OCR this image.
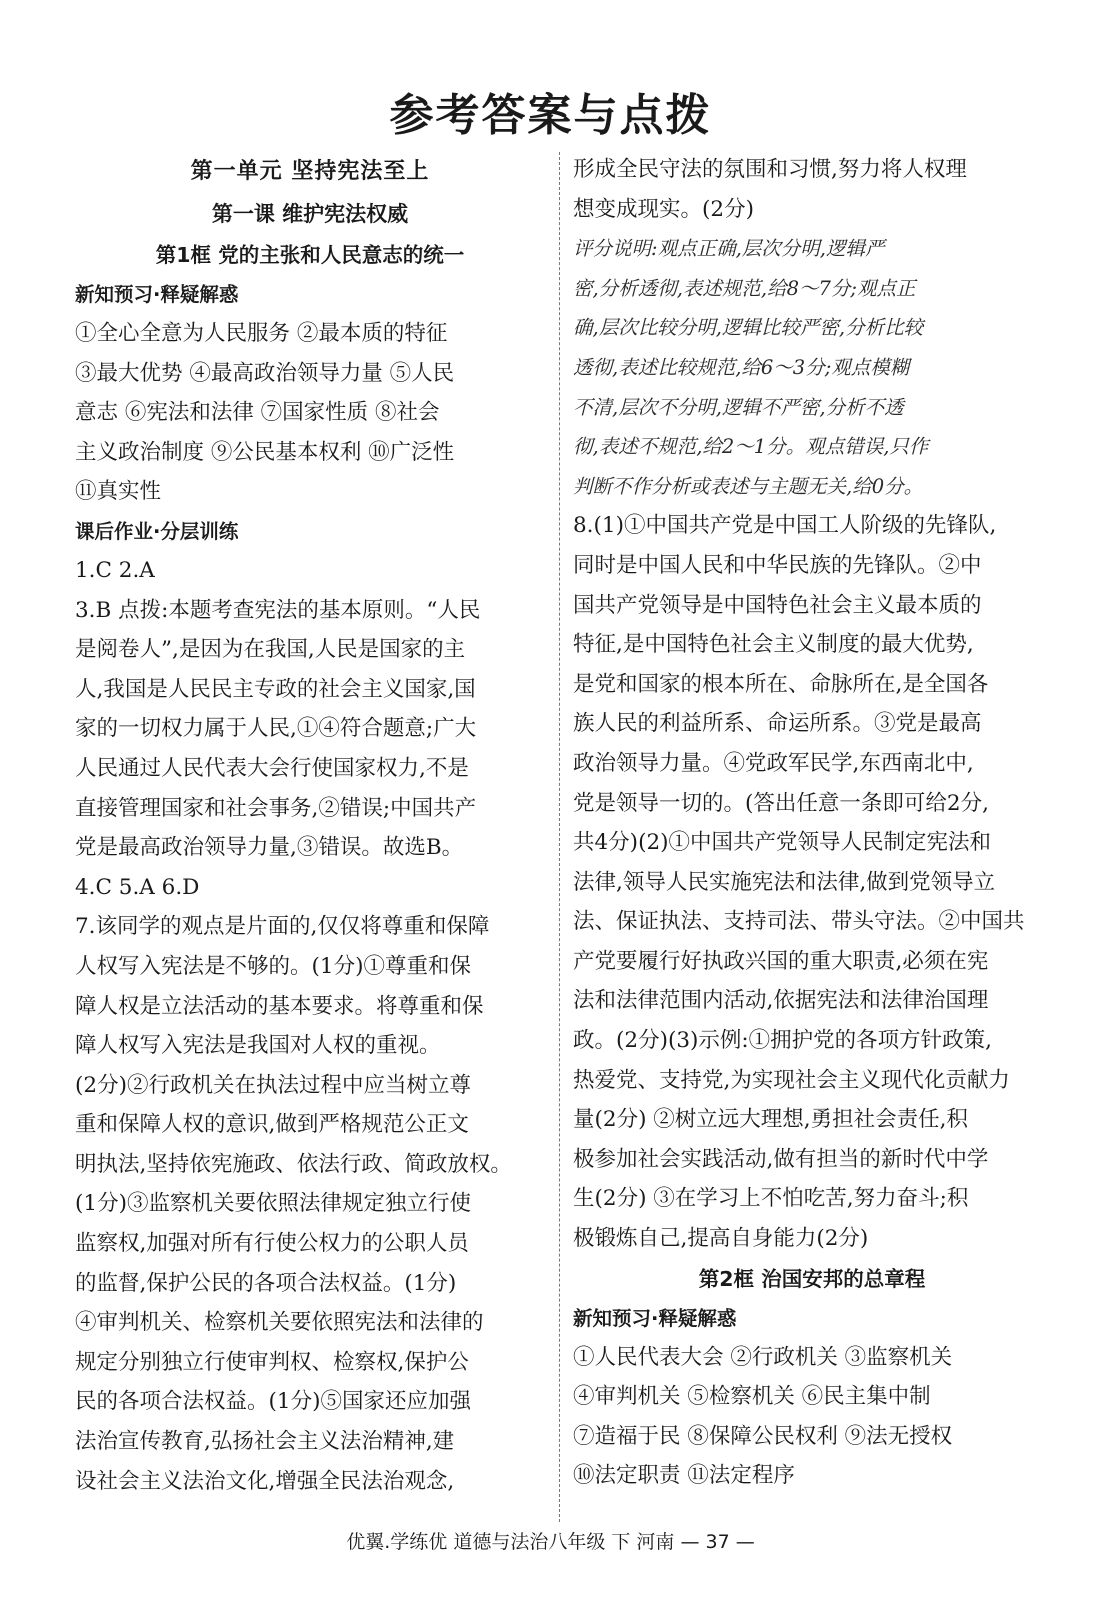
参考答案与点拨

第一单元 坚持宪法至上

第一课 维护宪法权威

第1框 党的主张和人民意志的统一

新知预习·释疑解惑

①全心全意为人民服务 ②最本质的特征

③最大优势 ④最高政治领导力量 ⑤人民

意志 ⑥宪法和法律 ⑦国家性质 ⑧社会

主义政治制度 ⑨公民基本权利 ⑩广泛性

⑪真实性

课后作业·分层训练

1.C 2.A

3.B 点拨:本题考查宪法的基本原则。“人民

是阅卷人”,是因为在我国,人民是国家的主

人,我国是人民民主专政的社会主义国家,国

家的一切权力属于人民,①④符合题意;广大

人民通过人民代表大会行使国家权力,不是

直接管理国家和社会事务,②错误;中国共产

党是最高政治领导力量,③错误。故选B。

4.C 5.A 6.D

7.该同学的观点是片面的,仅仅将尊重和保障

人权写入宪法是不够的。(1分)①尊重和保

障人权是立法活动的基本要求。将尊重和保

障人权写入宪法是我国对人权的重视。

(2分)②行政机关在执法过程中应当树立尊

重和保障人权的意识,做到严格规范公正文

明执法,坚持依宪施政、依法行政、简政放权。

(1分)③监察机关要依照法律规定独立行使

监察权,加强对所有行使公权力的公职人员

的监督,保护公民的各项合法权益。(1分)

④审判机关、检察机关要依照宪法和法律的

规定分别独立行使审判权、检察权,保护公

民的各项合法权益。(1分)⑤国家还应加强

法治宣传教育,弘扬社会主义法治精神,建

设社会主义法治文化,增强全民法治观念,

形成全民守法的氛围和习惯,努力将人权理

想变成现实。(2分)

评分说明:观点正确,层次分明,逻辑严

密,分析透彻,表述规范,给8～7分;观点正

确,层次比较分明,逻辑比较严密,分析比较

透彻,表述比较规范,给6～3分;观点模糊

不清,层次不分明,逻辑不严密,分析不透

彻,表述不规范,给2～1分。观点错误,只作

判断不作分析或表述与主题无关,给0分。

8.(1)①中国共产党是中国工人阶级的先锋队,

同时是中国人民和中华民族的先锋队。②中

国共产党领导是中国特色社会主义最本质的

特征,是中国特色社会主义制度的最大优势,

是党和国家的根本所在、命脉所在,是全国各

族人民的利益所系、命运所系。③党是最高

政治领导力量。④党政军民学,东西南北中,

党是领导一切的。(答出任意一条即可给2分,

共4分)(2)①中国共产党领导人民制定宪法和

法律,领导人民实施宪法和法律,做到党领导立

法、保证执法、支持司法、带头守法。②中国共

产党要履行好执政兴国的重大职责,必须在宪

法和法律范围内活动,依据宪法和法律治国理

政。(2分)(3)示例:①拥护党的各项方针政策,

热爱党、支持党,为实现社会主义现代化贡献力

量(2分) ②树立远大理想,勇担社会责任,积

极参加社会实践活动,做有担当的新时代中学

生(2分) ③在学习上不怕吃苦,努力奋斗;积

极锻炼自己,提高自身能力(2分)

第2框 治国安邦的总章程

新知预习·释疑解惑

①人民代表大会 ②行政机关 ③监察机关

④审判机关 ⑤检察机关 ⑥民主集中制

⑦造福于民 ⑧保障公民权利 ⑨法无授权

⑩法定职责 ⑪法定程序

优翼.学练优 道德与法治八年级 下 河南 — 37 —
